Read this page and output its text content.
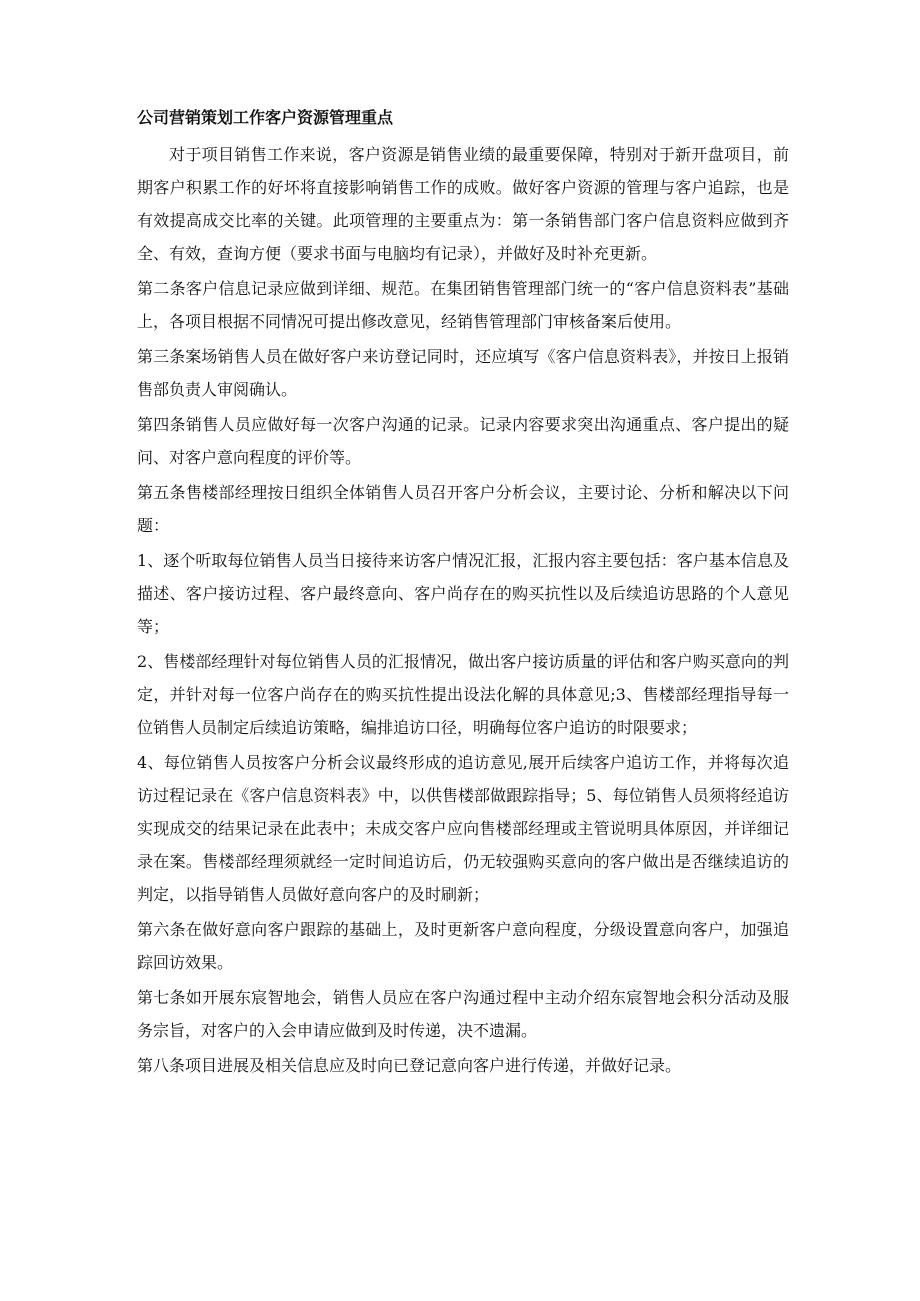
公司营销策划工作客户资源管理重点

对于项目销售工作来说，客户资源是销售业绩的最重要保障，特别对于新开盘项目，前期客户积累工作的好坏将直接影响销售工作的成败。做好客户资源的管理与客户追踪，也是有效提高成交比率的关键。此项管理的主要重点为：第一条销售部门客户信息资料应做到齐全、有效，查询方便（要求书面与电脑均有记录），并做好及时补充更新。

第二条客户信息记录应做到详细、规范。在集团销售管理部门统一的“客户信息资料表”基础上，各项目根据不同情况可提出修改意见，经销售管理部门审核备案后使用。

第三条案场销售人员在做好客户来访登记同时，还应填写《客户信息资料表》，并按日上报销售部负责人审阅确认。

第四条销售人员应做好每一次客户沟通的记录。记录内容要求突出沟通重点、客户提出的疑问、对客户意向程度的评价等。

第五条售楼部经理按日组织全体销售人员召开客户分析会议，主要讨论、分析和解决以下问题：

1、逐个听取每位销售人员当日接待来访客户情况汇报，汇报内容主要包括：客户基本信息及描述、客户接访过程、客户最终意向、客户尚存在的购买抗性以及后续追访思路的个人意见等；

2、售楼部经理针对每位销售人员的汇报情况，做出客户接访质量的评估和客户购买意向的判定，并针对每一位客户尚存在的购买抗性提出设法化解的具体意见;3、售楼部经理指导每一位销售人员制定后续追访策略，编排追访口径，明确每位客户追访的时限要求；

4、每位销售人员按客户分析会议最终形成的追访意见,展开后续客户追访工作，并将每次追访过程记录在《客户信息资料表》中，以供售楼部做跟踪指导；5、每位销售人员须将经追访实现成交的结果记录在此表中；未成交客户应向售楼部经理或主管说明具体原因，并详细记录在案。售楼部经理须就经一定时间追访后，仍无较强购买意向的客户做出是否继续追访的判定，以指导销售人员做好意向客户的及时刷新；

第六条在做好意向客户跟踪的基础上，及时更新客户意向程度，分级设置意向客户，加强追踪回访效果。

第七条如开展东宸智地会，销售人员应在客户沟通过程中主动介绍东宸智地会积分活动及服务宗旨，对客户的入会申请应做到及时传递，决不遗漏。

第八条项目进展及相关信息应及时向已登记意向客户进行传递，并做好记录。
